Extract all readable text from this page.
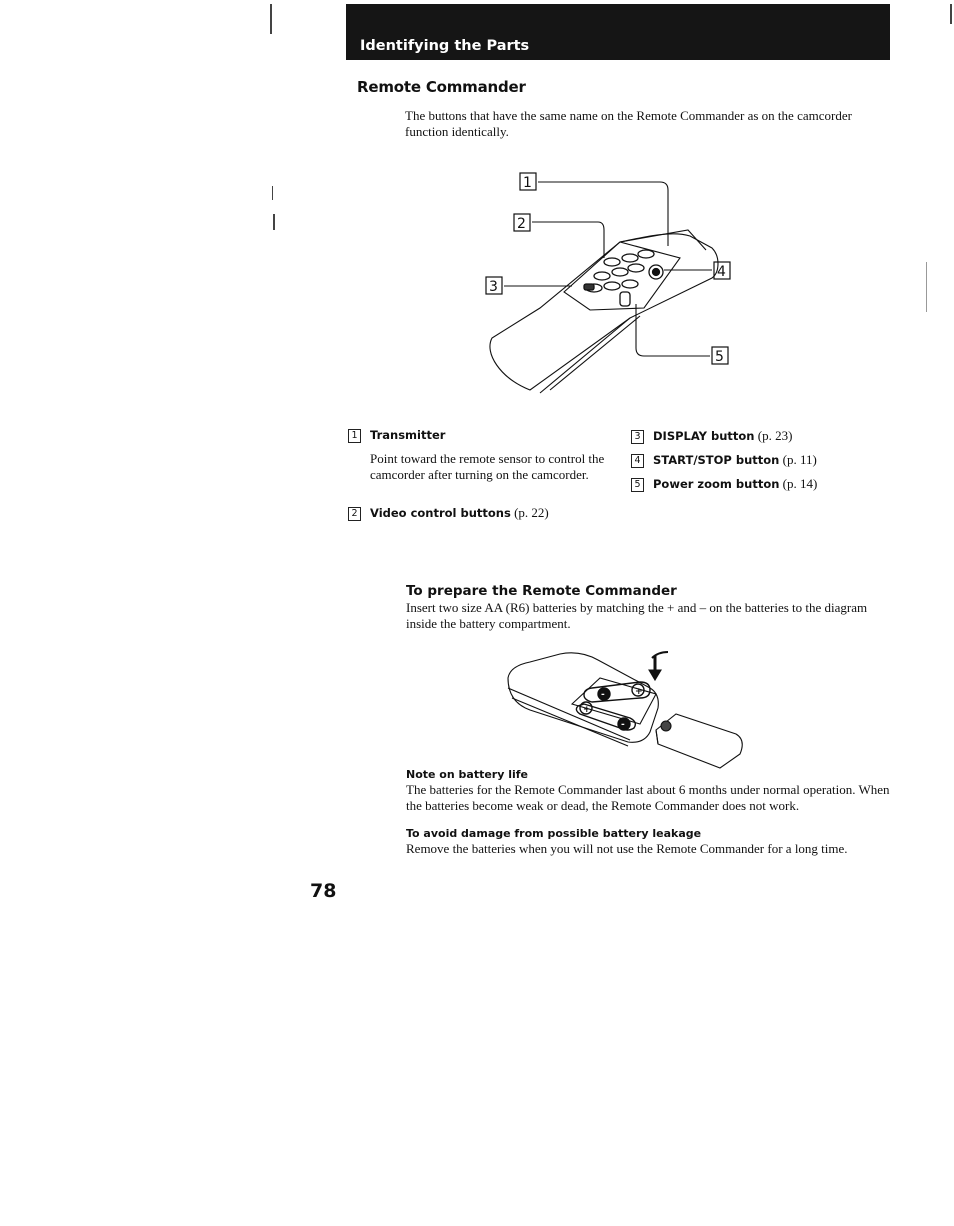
Identifying the Parts
Remote Commander
The buttons that have the same name on the Remote Commander as on the camcorder function identically.
1
2
3
4
5
1 Transmitter
Point toward the remote sensor to control the camcorder after turning on the camcorder.
2 Video control buttons (p. 22)
3 DISPLAY button (p. 23)
4 START/STOP button (p. 11)
5 Power zoom button (p. 14)
To prepare the Remote Commander
Insert two size AA (R6) batteries by matching the + and – on the batteries to the diagram inside the battery compartment.
-
-
+
+
Note on battery life
The batteries for the Remote Commander last about 6 months under normal operation. When the batteries become weak or dead, the Remote Commander does not work.
To avoid damage from possible battery leakage
Remove the batteries when you will not use the Remote Commander for a long time.
78
